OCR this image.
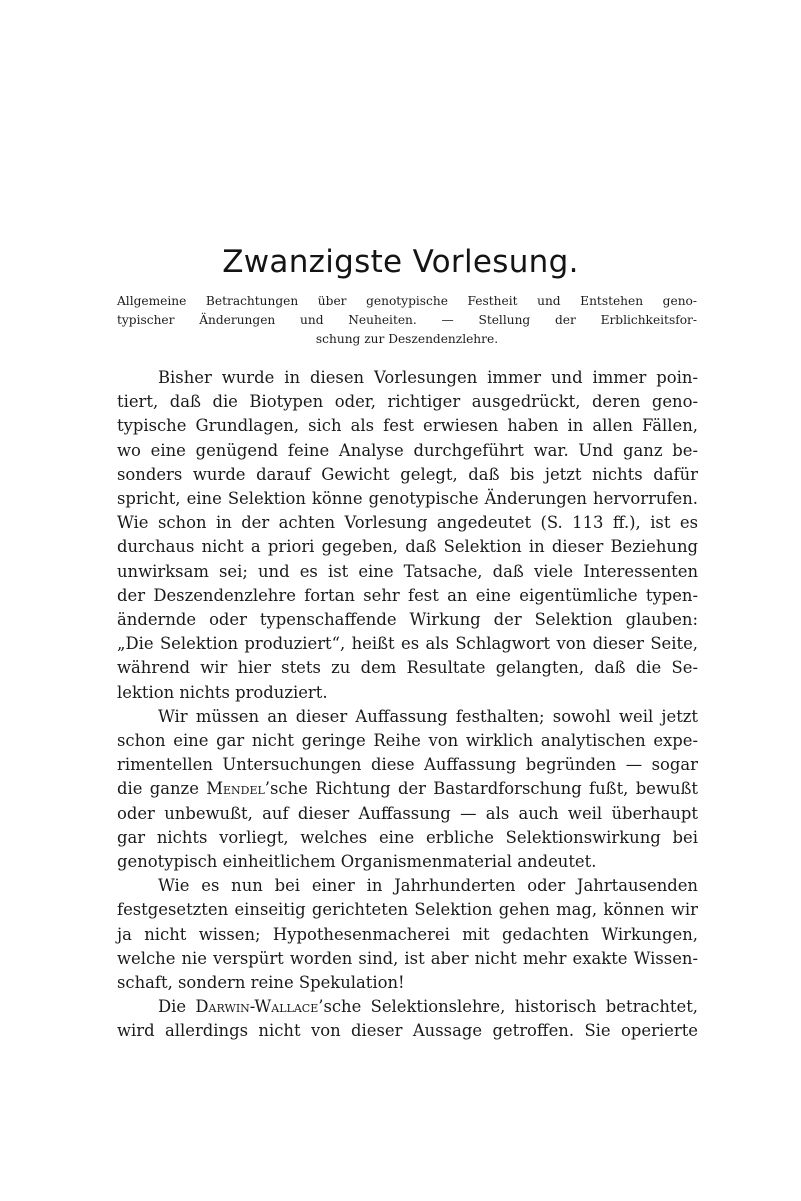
Zwanzigste Vorlesung.
Allgemeine Betrachtungen über genotypische Festheit und Entstehen geno-
typischer Änderungen und Neuheiten. — Stellung der Erblichkeitsfor-
schung zur Deszendenzlehre.
Bisher wurde in diesen Vorlesungen immer und immer poin-
tiert, daß die Biotypen oder, richtiger ausgedrückt, deren geno-
typische Grundlagen, sich als fest erwiesen haben in allen Fällen,
wo eine genügend feine Analyse durchgeführt war. Und ganz be-
sonders wurde darauf Gewicht gelegt, daß bis jetzt nichts dafür
spricht, eine Selektion könne genotypische Änderungen hervorrufen.
Wie schon in der achten Vorlesung angedeutet (S. 113 ff.), ist es
durchaus nicht a priori gegeben, daß Selektion in dieser Beziehung
unwirksam sei; und es ist eine Tatsache, daß viele Interessenten
der Deszendenzlehre fortan sehr fest an eine eigentümliche typen-
ändernde oder typenschaffende Wirkung der Selektion glauben:
„Die Selektion produziert“, heißt es als Schlagwort von dieser Seite,
während wir hier stets zu dem Resultate gelangten, daß die Se-
lektion nichts produziert.
Wir müssen an dieser Auffassung festhalten; sowohl weil jetzt
schon eine gar nicht geringe Reihe von wirklich analytischen expe-
rimentellen Untersuchungen diese Auffassung begründen — sogar
die ganze Mendel’sche Richtung der Bastardforschung fußt, bewußt
oder unbewußt, auf dieser Auffassung — als auch weil überhaupt
gar nichts vorliegt, welches eine erbliche Selektionswirkung bei
genotypisch einheitlichem Organismenmaterial andeutet.
Wie es nun bei einer in Jahrhunderten oder Jahrtausenden
festgesetzten einseitig gerichteten Selektion gehen mag, können wir
ja nicht wissen; Hypothesenmacherei mit gedachten Wirkungen,
welche nie verspürt worden sind, ist aber nicht mehr exakte Wissen-
schaft, sondern reine Spekulation!
Die Darwin-Wallace’sche Selektionslehre, historisch betrachtet,
wird allerdings nicht von dieser Aussage getroffen. Sie operierte
